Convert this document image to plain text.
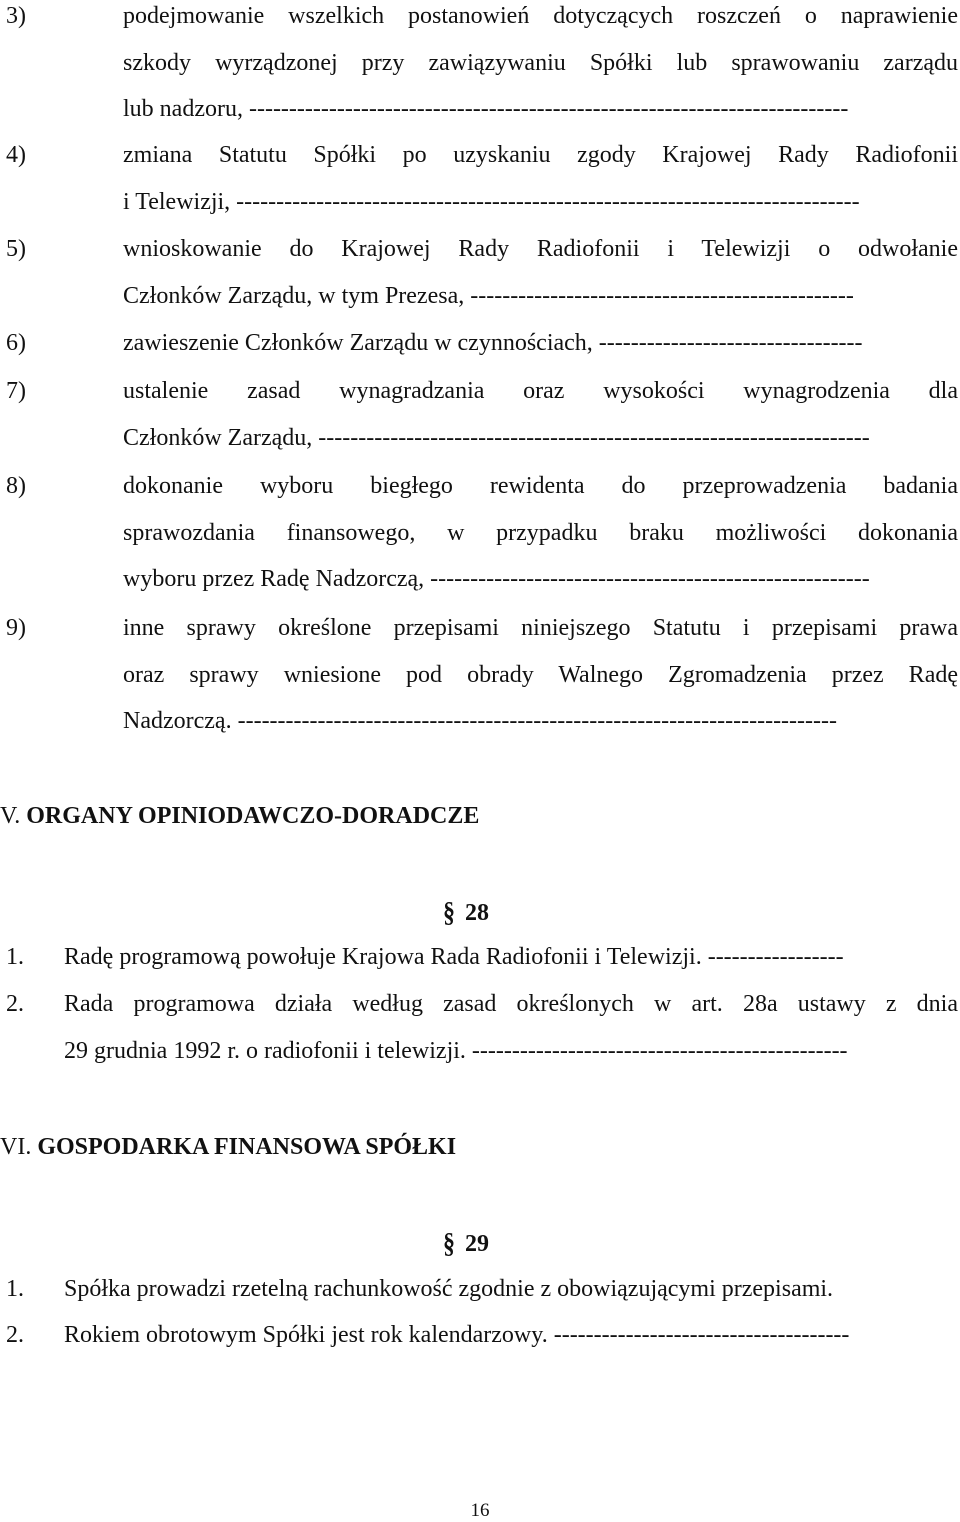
3)	podejmowanie wszelkich postanowień dotyczących roszczeń o naprawienie
szkody wyrządzonej przy zawiązywaniu Spółki lub sprawowaniu zarządu
lub nadzoru, ---------------------------------------------------------------------------
4)	zmiana Statutu Spółki po uzyskaniu zgody Krajowej Rady Radiofonii
i Telewizji, ------------------------------------------------------------------------------
5)	wnioskowanie do Krajowej Rady Radiofonii i Telewizji o odwołanie
Członków Zarządu, w tym Prezesa, ------------------------------------------------
6)	zawieszenie Członków Zarządu w czynnościach, ---------------------------------
7)	ustalenie zasad wynagradzania oraz wysokości wynagrodzenia dla
Członków Zarządu, ---------------------------------------------------------------------
8)	dokonanie wyboru biegłego rewidenta do przeprowadzenia badania
sprawozdania finansowego, w przypadku braku możliwości dokonania
wyboru przez Radę Nadzorczą, -------------------------------------------------------
9)	inne sprawy określone przepisami niniejszego Statutu i przepisami prawa
oraz sprawy wniesione pod obrady Walnego Zgromadzenia przez Radę
Nadzorczą. ---------------------------------------------------------------------------
V. ORGANY OPINIODAWCZO-DORADCZE
§ 28
1. Radę programową powołuje Krajowa Rada Radiofonii i Telewizji. -----------------
2. Rada programowa działa według zasad określonych w art. 28a ustawy z dnia
29 grudnia 1992 r. o radiofonii i telewizji. -----------------------------------------------
VI. GOSPODARKA FINANSOWA SPÓŁKI
§ 29
1. Spółka prowadzi rzetelną rachunkowość zgodnie z obowiązującymi przepisami.
2. Rokiem obrotowym Spółki jest rok kalendarzowy. -------------------------------------
16
